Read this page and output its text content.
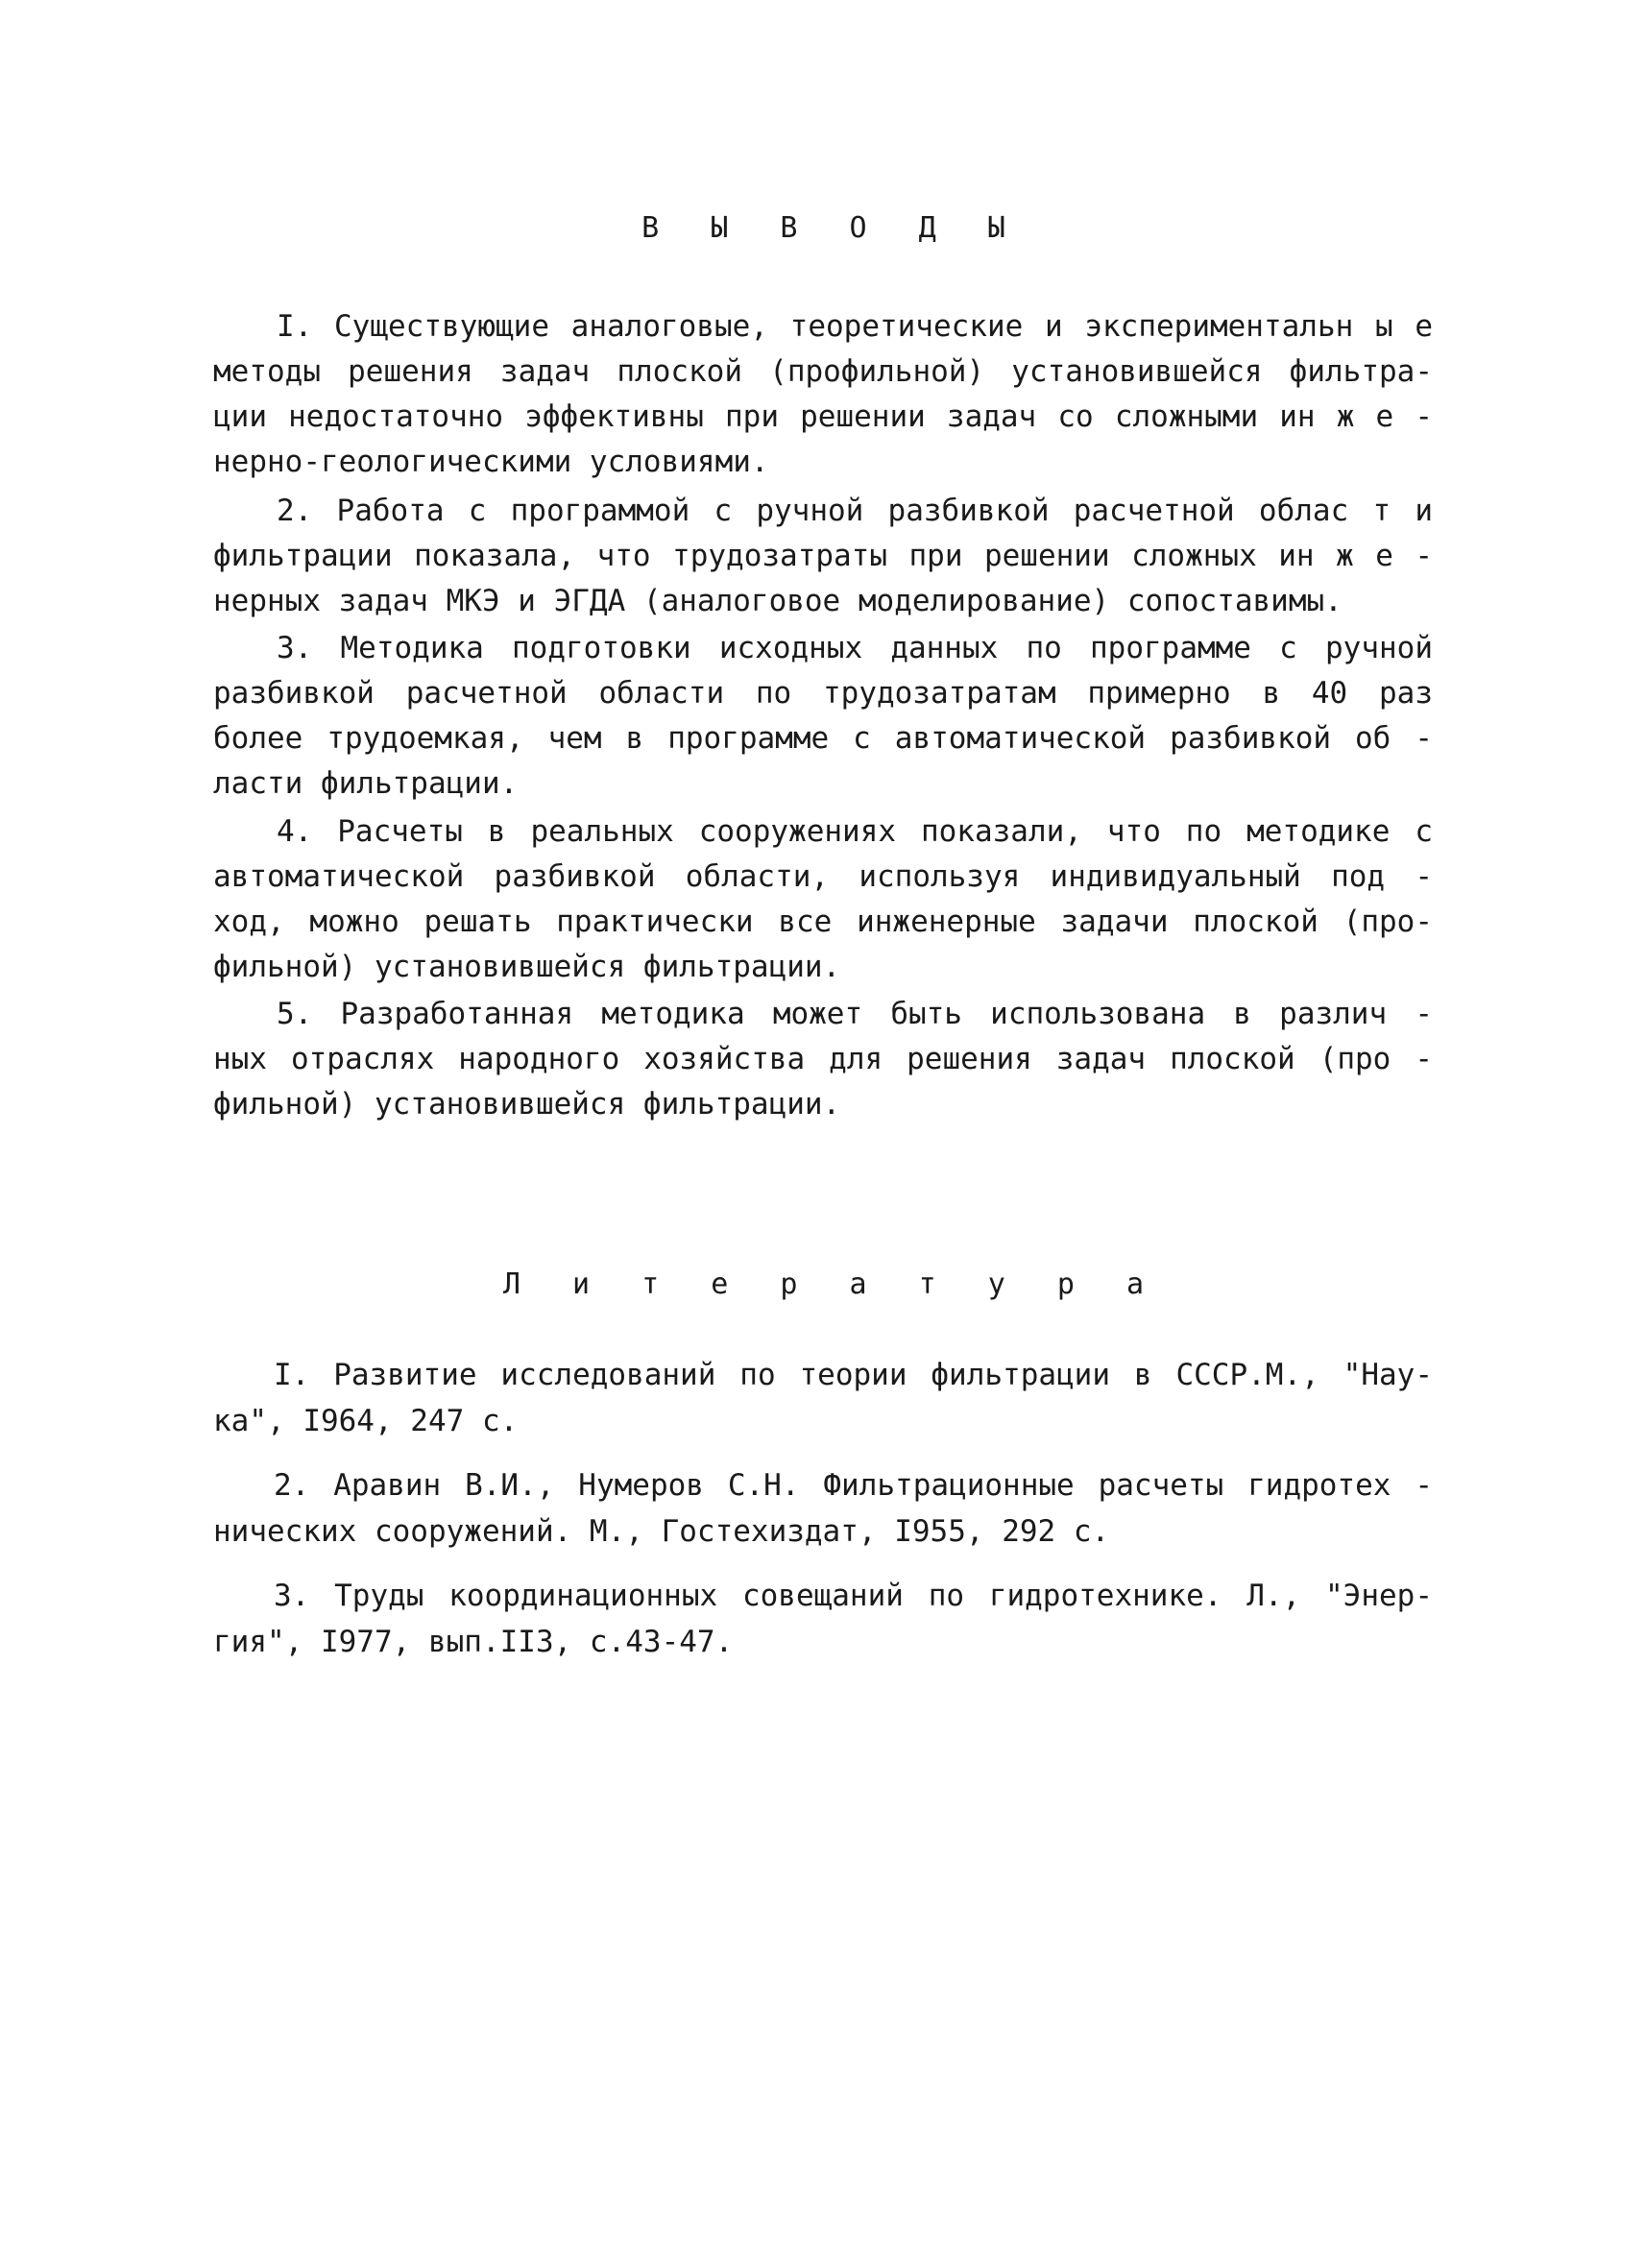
В Ы В О Д Ы
I. Существующие аналоговые, теоретические и экспериментальн ы е
методы решения задач плоской (профильной) установившейся фильтра-
ции недостаточно эффективны при решении задач со сложными ин ж е -
нерно-геологическими условиями.
2. Работа с программой с ручной разбивкой расчетной облас т и
фильтрации показала, что трудозатраты при решении сложных ин ж е -
нерных задач МКЭ и ЭГДА (аналоговое моделирование) сопоставимы.
3. Методика подготовки исходных данных по программе с ручной
разбивкой расчетной области по трудозатратам примерно в 40 раз
более трудоемкая, чем в программе с автоматической разбивкой об -
ласти фильтрации.
4. Расчеты в реальных сооружениях показали, что по методике с
автоматической разбивкой области, используя индивидуальный под -
ход, можно решать практически все инженерные задачи плоской (про-
фильной) установившейся фильтрации.
5. Разработанная методика может быть использована в различ -
ных отраслях народного хозяйства для решения задач плоской (про -
фильной) установившейся фильтрации.
Л и т е р а т у р а
I. Развитие исследований по теории фильтрации в СССР.М., "Нау-
ка", I964, 247 с.
2. Аравин В.И., Нумеров С.Н. Фильтрационные расчеты гидротех -
нических сооружений. М., Гостехиздат, I955, 292 с.
3. Труды координационных совещаний по гидротехнике. Л., "Энер-
гия", I977, вып.II3, с.43-47.
